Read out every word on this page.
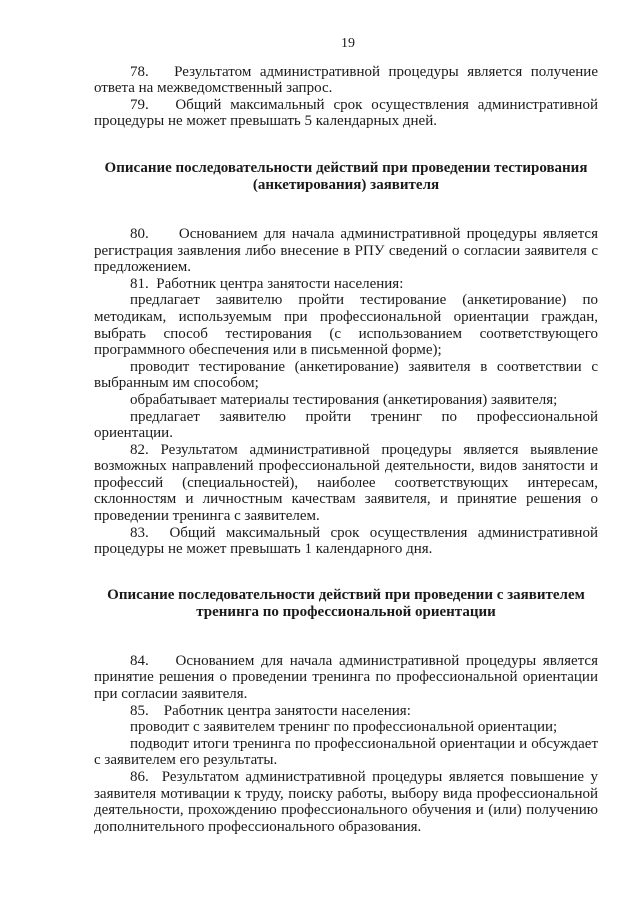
19

78.   Результатом административной процедуры является получение ответа на межведомственный запрос.

79.   Общий максимальный срок осуществления административной процедуры не может превышать 5 календарных дней.

Описание последовательности действий при проведении тестирования (анкетирования) заявителя

80.     Основанием для начала административной процедуры является регистрация заявления либо внесение в РПУ сведений о согласии заявителя с предложением.

81.  Работник центра занятости населения:

предлагает заявителю пройти тестирование (анкетирование) по методикам, используемым при профессиональной ориентации граждан, выбрать способ тестирования (с использованием соответствующего программного обеспечения или в письменной форме);

проводит тестирование (анкетирование) заявителя в соответствии с выбранным им способом;

обрабатывает материалы тестирования (анкетирования) заявителя;

предлагает заявителю пройти тренинг по профессиональной ориентации.

82. Результатом административной процедуры является выявление возможных направлений профессиональной деятельности, видов занятости и профессий (специальностей), наиболее соответствующих интересам, склонностям и личностным качествам заявителя, и принятие решения о проведении тренинга с заявителем.

83.  Общий максимальный срок осуществления административной процедуры не может превышать 1 календарного дня.

Описание последовательности действий при проведении с заявителем тренинга по профессиональной ориентации

84.    Основанием для начала административной процедуры является принятие решения о проведении тренинга по профессиональной ориентации при согласии заявителя.

85.    Работник центра занятости населения:

проводит с заявителем тренинг по профессиональной ориентации;

подводит итоги тренинга по профессиональной ориентации и обсуждает с заявителем его результаты.

86.  Результатом административной процедуры является повышение у заявителя мотивации к труду, поиску работы, выбору вида профессиональной деятельности, прохождению профессионального обучения и (или) получению дополнительного профессионального образования.
